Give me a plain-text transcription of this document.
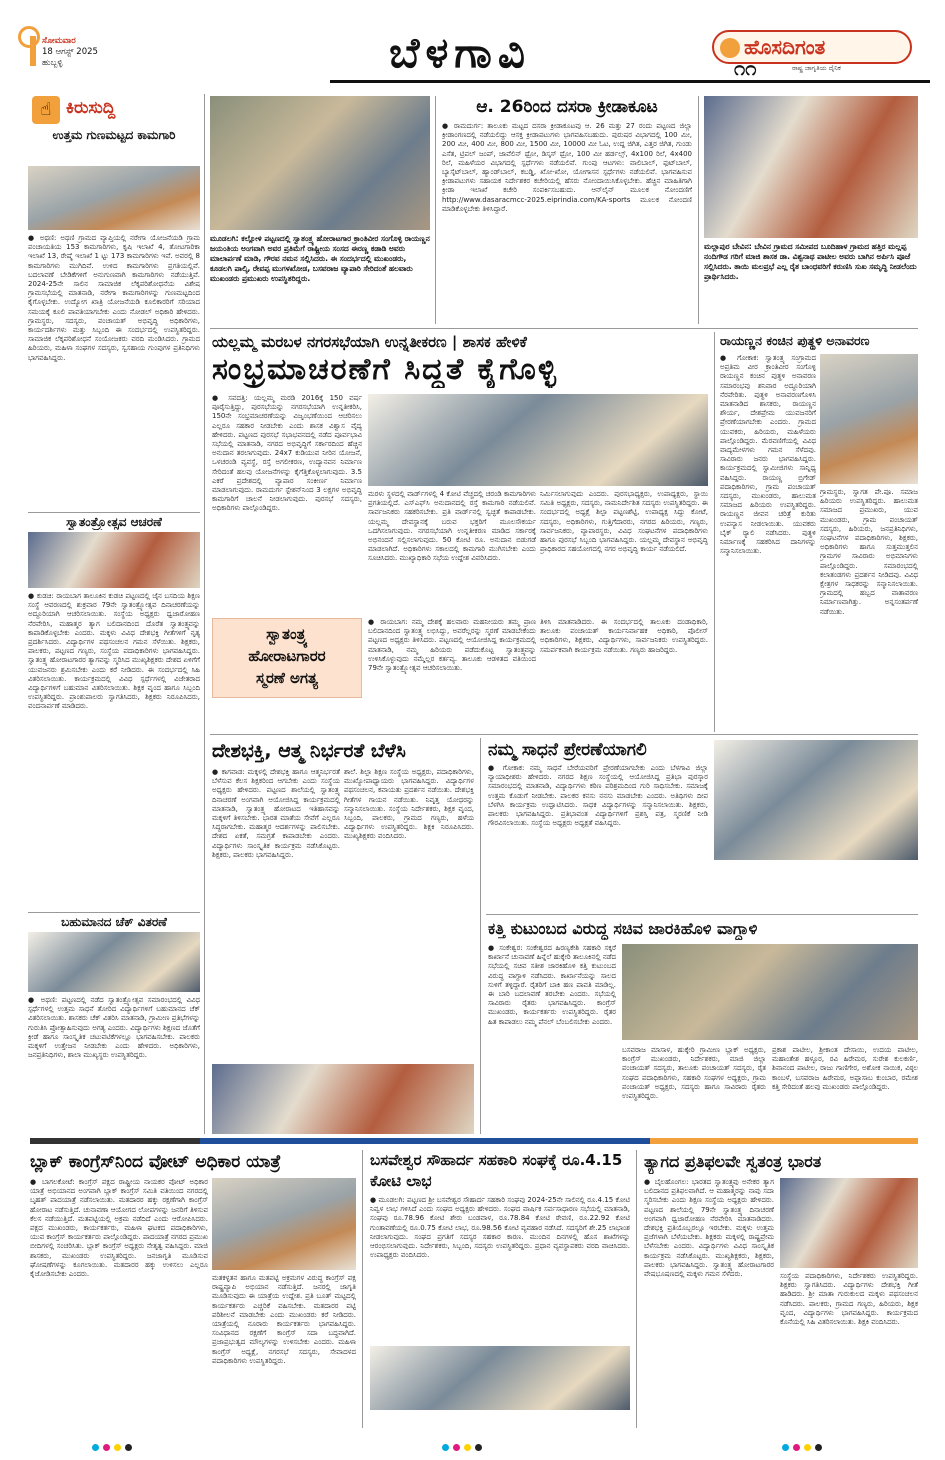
ಸೋಮವಾರ
18 ಆಗಸ್ಟ್ 2025
ಹುಬ್ಬಳ್ಳಿ	ಬೆಳಗಾವಿ	ಹೊಸದಿಗಂತ
ರಾಷ್ಟ್ರ ಜಾಗೃತಿಯ ದೈನಿಕ
೧೧
☝ ಕಿರುಸುದ್ದಿ
ಉತ್ತಮ ಗುಣಮಟ್ಟದ ಕಾಮಗಾರಿ
● ಅಥಣಿ: ಅಥಣಿ ಗ್ರಾಮದ ವ್ಯಾಪ್ತಿಯಲ್ಲಿ ನರೇಗಾ ಯೋಜನೆಯಡಿ ಗ್ರಾಮ ಪಂಚಾಯತಿಯ 153 ಕಾಮಗಾರಿಗಳು, ಕೃಷಿ ಇಲಾಖೆ 4, ತೋಟಗಾರಿಕಾ ಇಲಾಖೆ 13, ರೇಷ್ಮೆ ಇಲಾಖೆ 1 ಟ್ಟು 173 ಕಾಮಗಾರಿಗಳು ಇವೆ. ಅವರಲ್ಲಿ 8 ಕಾಮಗಾರಿಗಳು ಮುಗಿದಿವೆ. ಉಳಿದ ಕಾಮಗಾರಿಗಳು ಪ್ರಗತಿಯಲ್ಲಿವೆ. ಬದಲಾವಣೆ ಬೇಡಿಕೆಗಳಿಗೆ ಅನುಗುಣವಾಗಿ ಕಾಮಗಾರಿಗಳು ನಡೆಯುತ್ತಿವೆ. 2024-25ನೇ ಸಾಲಿನ ಸಾಮಾಜಿಕ ಲೆಕ್ಕಪರಿಶೋಧನೆಯ ವಿಶೇಷ ಗ್ರಾಮಸಭೆಯಲ್ಲಿ ಮಾತನಾಡಿ, ನರೇಗಾ ಕಾಮಗಾರಿಗಳನ್ನು ಗುಣಮಟ್ಟದಿಂದ ಕೈಗೊಳ್ಳಬೇಕು. ಉದ್ಯೋಗ ಖಾತ್ರಿ ಯೋಜನೆಯಡಿ ಕೂಲಿಕಾರರಿಗೆ ಸರಿಯಾದ ಸಮಯಕ್ಕೆ ಕೂಲಿ ಪಾವತಿಯಾಗಬೇಕು ಎಂದು ನೋಡಲ್ ಅಧಿಕಾರಿ ಹೇಳಿದರು. ಗ್ರಾಮಸ್ಥರು, ಸದಸ್ಯರು, ಪಂಚಾಯತ್ ಅಭಿವೃದ್ಧಿ ಅಧಿಕಾರಿಗಳು, ಕಾರ್ಯದರ್ಶಿಗಳು ಮತ್ತು ಸಿಬ್ಬಂದಿ ಈ ಸಂದರ್ಭದಲ್ಲಿ ಉಪಸ್ಥಿತರಿದ್ದರು. ಸಾಮಾಜಿಕ ಲೆಕ್ಕಪರಿಶೋಧನೆ ಸಂಯೋಜಕರು ವರದಿ ಮಂಡಿಸಿದರು. ಗ್ರಾಮದ ಹಿರಿಯರು, ಮಹಿಳಾ ಸಂಘಗಳ ಸದಸ್ಯರು, ಸ್ವಸಹಾಯ ಗುಂಪುಗಳ ಪ್ರತಿನಿಧಿಗಳು ಭಾಗವಹಿಸಿದ್ದರು.
ಸ್ವಾತಂತ್ರ್ಯೋತ್ಸವ ಆಚರಣೆ
● ಕುಡಚಿ: ರಾಯಬಾಗ ತಾಲೂಕಿನ ಕುಡಚಿ ಪಟ್ಟಣದಲ್ಲಿ ಜೈನ ಬಸದಿಯ ಶಿಕ್ಷಣ ಸಂಸ್ಥೆ ಆವರಣದಲ್ಲಿ ಶುಕ್ರವಾರ 79ನೇ ಸ್ವಾತಂತ್ರ್ಯೋತ್ಸವ ದಿನಾಚರಣೆಯನ್ನು ಅದ್ದೂರಿಯಾಗಿ ಆಚರಿಸಲಾಯಿತು. ಸಂಸ್ಥೆಯ ಅಧ್ಯಕ್ಷರು ಧ್ವಜಾರೋಹಣ ನೆರವೇರಿಸಿ, ಮಹಾತ್ಮರ ತ್ಯಾಗ ಬಲಿದಾನದಿಂದ ದೊರೆತ ಸ್ವಾತಂತ್ರ್ಯವನ್ನು ಕಾಪಾಡಿಕೊಳ್ಳಬೇಕು ಎಂದರು. ಮಕ್ಕಳು ವಿವಿಧ ದೇಶಭಕ್ತಿ ಗೀತೆಗಳಿಗೆ ನೃತ್ಯ ಪ್ರದರ್ಶಿಸಿದರು. ವಿದ್ಯಾರ್ಥಿಗಳ ಪಥಸಂಚಲನ ಗಮನ ಸೆಳೆಯಿತು. ಶಿಕ್ಷಕರು, ಪಾಲಕರು, ಪಟ್ಟಣದ ಗಣ್ಯರು, ಸಂಸ್ಥೆಯ ಪದಾಧಿಕಾರಿಗಳು ಭಾಗವಹಿಸಿದ್ದರು. ಸ್ವಾತಂತ್ರ್ಯ ಹೋರಾಟಗಾರರ ತ್ಯಾಗವನ್ನು ಸ್ಮರಿಸಿದ ಮುಖ್ಯಶಿಕ್ಷಕರು ದೇಶದ ಏಳಿಗೆಗೆ ಯುವಜನರು ಶ್ರಮಿಸಬೇಕು ಎಂದು ಕರೆ ನೀಡಿದರು. ಈ ಸಂದರ್ಭದಲ್ಲಿ ಸಿಹಿ ವಿತರಿಸಲಾಯಿತು. ಕಾರ್ಯಕ್ರಮದಲ್ಲಿ ವಿವಿಧ ಸ್ಪರ್ಧೆಗಳಲ್ಲಿ ವಿಜೇತರಾದ ವಿದ್ಯಾರ್ಥಿಗಳಿಗೆ ಬಹುಮಾನ ವಿತರಿಸಲಾಯಿತು. ಶಿಕ್ಷಕ ವೃಂದ ಹಾಗೂ ಸಿಬ್ಬಂದಿ ಉಪಸ್ಥಿತರಿದ್ದರು. ಪ್ರಾಂಶುಪಾಲರು ಸ್ವಾಗತಿಸಿದರು, ಶಿಕ್ಷಕರು ನಿರೂಪಿಸಿದರು, ವಂದನಾರ್ಪಣೆ ಮಾಡಿದರು.
ಬಹುಮಾನದ ಚೆಕ್ ವಿತರಣೆ
● ಅಥಣಿ: ಪಟ್ಟಣದಲ್ಲಿ ನಡೆದ ಸ್ವಾತಂತ್ರ್ಯೋತ್ಸವ ಸಮಾರಂಭದಲ್ಲಿ ವಿವಿಧ ಸ್ಪರ್ಧೆಗಳಲ್ಲಿ ಉತ್ತಮ ಸಾಧನೆ ತೋರಿದ ವಿದ್ಯಾರ್ಥಿಗಳಿಗೆ ಬಹುಮಾನದ ಚೆಕ್ ವಿತರಿಸಲಾಯಿತು. ಶಾಸಕರು ಚೆಕ್ ವಿತರಿಸಿ ಮಾತನಾಡಿ, ಗ್ರಾಮೀಣ ಪ್ರತಿಭೆಗಳನ್ನು ಗುರುತಿಸಿ ಪ್ರೋತ್ಸಾಹಿಸುವುದು ಅಗತ್ಯ ಎಂದರು. ವಿದ್ಯಾರ್ಥಿಗಳು ಶಿಕ್ಷಣದ ಜೊತೆಗೆ ಕ್ರೀಡೆ ಹಾಗೂ ಸಾಂಸ್ಕೃತಿಕ ಚಟುವಟಿಕೆಗಳಲ್ಲೂ ಭಾಗವಹಿಸಬೇಕು. ಪಾಲಕರು ಮಕ್ಕಳಿಗೆ ಉತ್ತೇಜನ ನೀಡಬೇಕು ಎಂದು ಹೇಳಿದರು. ಅಧಿಕಾರಿಗಳು, ಜನಪ್ರತಿನಿಧಿಗಳು, ಶಾಲಾ ಮುಖ್ಯಸ್ಥರು ಉಪಸ್ಥಿತರಿದ್ದರು.
ಮೂಡಲಗಿ: ಕಲ್ಲೋಳಿ ಪಟ್ಟಣದಲ್ಲಿ ಸ್ವಾತಂತ್ರ್ಯ ಹೋರಾಟಗಾರ ಕ್ರಾಂತಿವೀರ ಸಂಗೊಳ್ಳಿ ರಾಯಣ್ಣನ ಜಯಂತಿಯ ಅಂಗವಾಗಿ ಅವರ ಪ್ರತಿಮೆಗೆ ರಾಷ್ಟ್ರೀಯ ಸಂಸದ ಈರಣ್ಣ ಕಡಾಡಿ ಅವರು ಮಾಲಾರ್ಪಣೆ ಮಾಡಿ, ಗೌರವ ನಮನ ಸಲ್ಲಿಸಿದರು. ಈ ಸಂದರ್ಭದಲ್ಲಿ ಮುಖಂಡರು, ಕೂಡಲಗಿ ಪಾಲ್ಕಿ, ರೇವಪ್ಪ ಮುಗಳಖೋಡ, ಬಸವರಾಜ ವ್ಯಾಪಾರಿ ಸೇರಿದಂತೆ ಹಲವಾರು ಮುಖಂಡರು ಪ್ರಮುಖರು ಉಪಸ್ಥಿತರಿದ್ದರು.
ಆ. 26ರಿಂದ ದಸರಾ ಕ್ರೀಡಾಕೂಟ
● ರಾಮದುರ್ಗ: ತಾಲೂಕು ಮಟ್ಟದ ದಸರಾ ಕ್ರೀಡಾಕೂಟವು ಆ. 26 ಮತ್ತು 27 ರಂದು ಪಟ್ಟಣದ ಜಿಲ್ಲಾ ಕ್ರೀಡಾಂಗಣದಲ್ಲಿ ನಡೆಯಲಿದ್ದು ಆಸಕ್ತ ಕ್ರೀಡಾಪಟುಗಳು ಭಾಗವಹಿಸಬಹುದು. ಪುರುಷರ ವಿಭಾಗದಲ್ಲಿ 100 ಮೀ, 200 ಮೀ, 400 ಮೀ, 800 ಮೀ, 1500 ಮೀ, 10000 ಮೀ ಓಟ, ಉದ್ದ ಜಿಗಿತ, ಎತ್ತರ ಜಿಗಿತ, ಗುಂಡು ಎಸೆತ, ಟ್ರಿಪಲ್ ಜಂಪ್, ಜಾವೆಲಿನ್ ಥ್ರೋ, ಡಿಸ್ಕಸ್ ಥ್ರೋ, 100 ಮೀ ಹರ್ಡಲ್ಸ್, 4x100 ರಿಲೆ, 4x400 ರಿಲೆ, ಮಹಿಳೆಯರ ವಿಭಾಗದಲ್ಲಿ ಸ್ಪರ್ಧೆಗಳು ನಡೆಯಲಿವೆ. ಗುಂಪು ಆಟಗಳು: ವಾಲಿಬಾಲ್, ಫುಟ್‌ಬಾಲ್, ಬ್ಯಾಸ್ಕೆಟ್‌ಬಾಲ್, ಹ್ಯಾಂಡ್‌ಬಾಲ್, ಕಬಡ್ಡಿ, ಖೋ-ಖೋ, ಯೋಗಾಸನ ಸ್ಪರ್ಧೆಗಳು ನಡೆಯಲಿವೆ. ಭಾಗವಹಿಸುವ ಕ್ರೀಡಾಪಟುಗಳು ಸಹಾಯಕ ನಿರ್ದೇಶಕರ ಕಚೇರಿಯಲ್ಲಿ ಹೆಸರು ನೋಂದಾಯಿಸಿಕೊಳ್ಳಬೇಕು. ಹೆಚ್ಚಿನ ಮಾಹಿತಿಗಾಗಿ ಕ್ರೀಡಾ ಇಲಾಖೆ ಕಚೇರಿ ಸಂಪರ್ಕಿಸಬಹುದು. ಆನ್‌ಲೈನ್ ಮೂಲಕ ನೋಂದಣಿಗೆ http://www.dasaracmcc-2025.eiprindia.com/KA-sports ಮೂಲಕ ನೋಂದಣಿ ಮಾಡಿಕೊಳ್ಳಬೇಕು ತಿಳಿಸಿದ್ದಾರೆ.
ಮಲ್ಲಾಪುರ ಬೇವಿನ: ಬೇವಿನ ಗ್ರಾಮದ ಸಮೀಪದ ಬೂದಿಹಾಳ ಗ್ರಾಮದ ಹತ್ತಿರ ಮಲ್ಲಪ್ಪ ನಂದಿಗೌಡ ಗರಿಗೆ ಮಾಜಿ ಶಾಸಕ ಡಾ. ವಿಶ್ವನಾಥ ಪಾಟೀಲ ಅವರು ಬಾಗಿನ ಅರ್ಪಿಸಿ ಪೂಜೆ ಸಲ್ಲಿಸಿದರು. ತಾಯಿ ಮಲಪ್ರಭೆ ಎಲ್ಲ ರೈತ ಬಾಂಧವರಿಗೆ ಕರುಣಿಸಿ ಸುಖ ಸಮೃದ್ಧಿ ನೀಡಲೆಂದು ಪ್ರಾರ್ಥಿಸಿದರು.
ಯಲ್ಲಮ್ಮ ಮರಬಳ ನಗರಸಭೆಯಾಗಿ ಉನ್ನತೀಕರಣ | ಶಾಸಕ ಹೇಳಿಕೆ
ಸಂಭ್ರಮಾಚರಣೆಗೆ ಸಿದ್ಧತೆ ಕೈಗೊಳ್ಳಿ
● ಸವದತ್ತಿ: ಯಲ್ಲಮ್ಮ ಮರಡಿ 2016ಕ್ಕೆ 150 ವರ್ಷ ಪೂರೈಸುತ್ತಿದ್ದು, ಪುರಸಭೆಯನ್ನು ನಗರಸಭೆಯಾಗಿ ಉನ್ನತೀಕರಿಸಿ, 150ನೇ ಸಂಭ್ರಮಾಚರಣೆಯನ್ನು ವಿಜೃಂಭಣೆಯಿಂದ ಆಚರಿಸಲು ಎಲ್ಲರೂ ಸಹಕಾರ ನೀಡಬೇಕು ಎಂದು ಶಾಸಕ ವಿಶ್ವಾಸ ವೈದ್ಯ ಹೇಳಿದರು. ಪಟ್ಟಣದ ಪುರಸಭೆ ಸಭಾಭವನದಲ್ಲಿ ನಡೆದ ಪೂರ್ವಭಾವಿ ಸಭೆಯಲ್ಲಿ ಮಾತನಾಡಿ, ನಗರದ ಅಭಿವೃದ್ಧಿಗೆ ಸರ್ಕಾರದಿಂದ ಹೆಚ್ಚಿನ ಅನುದಾನ ತರಲಾಗುವುದು. 24x7 ಕುಡಿಯುವ ನೀರಿನ ಯೋಜನೆ, ಒಳಚರಂಡಿ ವ್ಯವಸ್ಥೆ, ರಸ್ತೆ ಅಗಲೀಕರಣ, ಉದ್ಯಾನವನ ನಿರ್ಮಾಣ ಸೇರಿದಂತೆ ಹಲವು ಯೋಜನೆಗಳನ್ನು ಕೈಗೆತ್ತಿಕೊಳ್ಳಲಾಗುವುದು. 3.5 ಎಕರೆ ಪ್ರದೇಶದಲ್ಲಿ ವ್ಯಾಪಾರ ಸಂಕೀರ್ಣ ನಿರ್ಮಾಣ ಮಾಡಲಾಗುವುದು. ರಾಮದುರ್ಗ ಸ್ಟೇಶನ್‌ನಿಂದ 3 ಲಕ್ಷಗಳ ಅಭಿವೃದ್ಧಿ ಕಾಮಗಾರಿಗೆ ಚಾಲನೆ ನೀಡಲಾಗುವುದು. ಪುರಸಭೆ ಸದಸ್ಯರು, ಅಧಿಕಾರಿಗಳು ಪಾಲ್ಗೊಂಡಿದ್ದರು.
ಮರಳು ಸ್ಥಳದಲ್ಲಿ ವಾರ್ಡ್‌ಗಳಲ್ಲಿ 4 ಕೋಟಿ ವೆಚ್ಚದಲ್ಲಿ ಚರಂಡಿ ಕಾಮಗಾರಿಗಳು ಪ್ರಗತಿಯಲ್ಲಿದೆ. ಎಸ್‌ಎಫ್‌ಸಿ ಅನುದಾನದಲ್ಲಿ ರಸ್ತೆ ಕಾಮಗಾರಿ ನಡೆಯಲಿವೆ. ಸಾರ್ವಜನಿಕರು ಸಹಕರಿಸಬೇಕು. ಪ್ರತಿ ವಾರ್ಡ್‌ನಲ್ಲಿ ಸ್ವಚ್ಛತೆ ಕಾಪಾಡಬೇಕು. ಯಲ್ಲಮ್ಮ ದೇವಸ್ಥಾನಕ್ಕೆ ಬರುವ ಭಕ್ತರಿಗೆ ಮೂಲಸೌಕರ್ಯ ಒದಗಿಸಲಾಗುವುದು. ನಗರಸಭೆಯಾಗಿ ಉನ್ನತೀಕರಣ ಮಾಡಿದ ಸರ್ಕಾರಕ್ಕೆ ಅಭಿನಂದನೆ ಸಲ್ಲಿಸಲಾಗುವುದು. 50 ಕೋಟಿ ರೂ. ಅನುದಾನ ಬಿಡುಗಡೆ ಮಾಡಲಾಗಿದೆ. ಅಧಿಕಾರಿಗಳು ಸಕಾಲದಲ್ಲಿ ಕಾಮಗಾರಿ ಮುಗಿಸಬೇಕು ಎಂದು ಸೂಚಿಸಿದರು. ಮುಖ್ಯಾಧಿಕಾರಿ ಸಭೆಯ ಉದ್ದೇಶ ವಿವರಿಸಿದರು.
ನಿರ್ಮಿಸಲಾಗುವುದು ಎಂದರು. ಪುರಸಭಾಧ್ಯಕ್ಷರು, ಉಪಾಧ್ಯಕ್ಷರು, ಸ್ಥಾಯಿ ಸಮಿತಿ ಅಧ್ಯಕ್ಷರು, ಸದಸ್ಯರು, ನಾಮನಿರ್ದೇಶಿತ ಸದಸ್ಯರು ಉಪಸ್ಥಿತರಿದ್ದರು. ಈ ಸಂದರ್ಭದಲ್ಲಿ ಅಧ್ಯಕ್ಷೆ ಶಿಲ್ಪಾ ಪಟ್ಟಣಶೆಟ್ಟಿ, ಉಪಾಧ್ಯಕ್ಷ ಸಿದ್ದು ಕೋಟೆ, ಸದಸ್ಯರು, ಅಧಿಕಾರಿಗಳು, ಗುತ್ತಿಗೆದಾರರು, ನಗರದ ಹಿರಿಯರು, ಗಣ್ಯರು, ಸಾರ್ವಜನಿಕರು, ವ್ಯಾಪಾರಸ್ಥರು, ವಿವಿಧ ಸಂಘಟನೆಗಳ ಪದಾಧಿಕಾರಿಗಳು ಹಾಗೂ ಪುರಸಭೆ ಸಿಬ್ಬಂದಿ ಭಾಗವಹಿಸಿದ್ದರು. ಯಲ್ಲಮ್ಮ ದೇವಸ್ಥಾನ ಅಭಿವೃದ್ಧಿ ಪ್ರಾಧಿಕಾರದ ಸಹಯೋಗದಲ್ಲಿ ನಗರ ಅಭಿವೃದ್ಧಿ ಕಾರ್ಯ ನಡೆಯಲಿದೆ.
ಸ್ವಾತಂತ್ರ್ಯ
ಹೋರಾಟಗಾರರ
ಸ್ಮರಣೆ ಅಗತ್ಯ
● ರಾಯಬಾಗ: ನಮ್ಮ ದೇಶಕ್ಕೆ ಹಲವಾರು ಮಹನೀಯರು ತಮ್ಮ ಪ್ರಾಣ ಬಲಿದಾನದಿಂದ ಸ್ವಾತಂತ್ರ್ಯ ಲಭಿಸಿದ್ದು, ಅವರೆಲ್ಲರನ್ನು ಸ್ಮರಣೆ ಮಾಡಬೇಕೆಂದು ಪಟ್ಟಣದ ಅಧ್ಯಕ್ಷರು ತಿಳಿಸಿದರು. ಪಟ್ಟಣದಲ್ಲಿ ಆಯೋಜಿಸಿದ್ದ ಕಾರ್ಯಕ್ರಮದಲ್ಲಿ ಮಾತನಾಡಿ, ನಮ್ಮ ಹಿರಿಯರು ಪಡೆದುಕೊಟ್ಟ ಸ್ವಾತಂತ್ರ್ಯವನ್ನು ಉಳಿಸಿಕೊಳ್ಳುವುದು ನಮ್ಮೆಲ್ಲರ ಕರ್ತವ್ಯ. ತಾಲೂಕು ಆಡಳಿತದ ವತಿಯಿಂದ 79ನೇ ಸ್ವಾತಂತ್ರ್ಯೋತ್ಸವ ಆಚರಿಸಲಾಯಿತು.
ತಿಳಿಸಿ ಮಾತನಾಡಿದರು. ಈ ಸಂದರ್ಭದಲ್ಲಿ ತಾಲೂಕು ದಂಡಾಧಿಕಾರಿ, ತಾಲೂಕು ಪಂಚಾಯತ್ ಕಾರ್ಯನಿರ್ವಾಹಕ ಅಧಿಕಾರಿ, ಪೊಲೀಸ್ ಅಧಿಕಾರಿಗಳು, ಶಿಕ್ಷಕರು, ವಿದ್ಯಾರ್ಥಿಗಳು, ಸಾರ್ವಜನಿಕರು ಉಪಸ್ಥಿತರಿದ್ದರು. ಸಮರ್ಪಕವಾಗಿ ಕಾರ್ಯಕ್ರಮ ನಡೆಯಿತು. ಗಣ್ಯರು ಹಾಜರಿದ್ದರು.
ರಾಯಣ್ಣನ ಕಂಚಿನ ಪುತ್ಥಳಿ ಅನಾವರಣ
● ಗೋಕಾಕ: ಸ್ವಾತಂತ್ರ್ಯ ಸಂಗ್ರಾಮದ ಅಪ್ರತಿಮ ವೀರ ಕ್ರಾಂತಿವೀರ ಸಂಗೊಳ್ಳಿ ರಾಯಣ್ಣನ ಕಂಚಿನ ಪುತ್ಥಳಿ ಅನಾವರಣ ಸಮಾರಂಭವು ಶನಿವಾರ ಅದ್ದೂರಿಯಾಗಿ ನೆರವೇರಿತು. ಪುತ್ಥಳಿ ಅನಾವರಣಗೊಳಿಸಿ ಮಾತನಾಡಿದ ಶಾಸಕರು, ರಾಯಣ್ಣನ ಶೌರ್ಯ, ದೇಶಪ್ರೇಮ ಯುವಜನರಿಗೆ ಪ್ರೇರಣೆಯಾಗಬೇಕು ಎಂದರು. ಗ್ರಾಮದ ಯುವಕರು, ಹಿರಿಯರು, ಮಹಿಳೆಯರು ಪಾಲ್ಗೊಂಡಿದ್ದರು. ಮೆರವಣಿಗೆಯಲ್ಲಿ ವಿವಿಧ ವಾದ್ಯಮೇಳಗಳು ಗಮನ ಸೆಳೆದವು. ಸಾವಿರಾರು ಜನರು ಭಾಗವಹಿಸಿದ್ದರು. ಕಾರ್ಯಕ್ರಮದಲ್ಲಿ ಸ್ವಾಮೀಜಿಗಳು ಸಾನ್ನಿಧ್ಯ ವಹಿಸಿದ್ದರು. ರಾಯಣ್ಣ ಬ್ರಿಗೇಡ್ ಪದಾಧಿಕಾರಿಗಳು, ಗ್ರಾಮ ಪಂಚಾಯತ್ ಸದಸ್ಯರು, ಮುಖಂಡರು, ಹಾಲುಮತ ಸಮಾಜದ ಹಿರಿಯರು ಉಪಸ್ಥಿತರಿದ್ದರು. ರಾಯಣ್ಣನ ಜೀವನ ಚರಿತ್ರೆ ಕುರಿತು ಉಪನ್ಯಾಸ ನೀಡಲಾಯಿತು. ಯುವಕರು ಬೈಕ್ ರ್‍ಯಾಲಿ ನಡೆಸಿದರು. ಪುತ್ಥಳಿ ನಿರ್ಮಾಣಕ್ಕೆ ಸಹಕರಿಸಿದ ದಾನಿಗಳನ್ನು ಸನ್ಮಾನಿಸಲಾಯಿತು.
ಗ್ರಾಮಸ್ಥರು, ಸ್ವಾಗತ ಪೇ.ಪೂ. ಸಮಾಜ ಹಿರಿಯರು ಉಪಸ್ಥಿತರಿದ್ದರು. ಹಾಲುಮತ ಸಮಾಜದ ಪ್ರಮುಖರು, ಯುವ ಮುಖಂಡರು, ಗ್ರಾಮ ಪಂಚಾಯತ್ ಸದಸ್ಯರು, ಹಿರಿಯರು, ಜನಪ್ರತಿನಿಧಿಗಳು, ಸಂಘಟನೆಗಳ ಪದಾಧಿಕಾರಿಗಳು, ಶಿಕ್ಷಕರು, ಅಧಿಕಾರಿಗಳು ಹಾಗೂ ಸುತ್ತಮುತ್ತಲಿನ ಗ್ರಾಮಗಳ ಸಾವಿರಾರು ಅಭಿಮಾನಿಗಳು ಪಾಲ್ಗೊಂಡಿದ್ದರು. ಸಮಾರಂಭದಲ್ಲಿ ಕಲಾತಂಡಗಳು ಪ್ರದರ್ಶನ ನೀಡಿದವು. ವಿವಿಧ ಕ್ಷೇತ್ರಗಳ ಸಾಧಕರನ್ನು ಸನ್ಮಾನಿಸಲಾಯಿತು. ಗ್ರಾಮದಲ್ಲಿ ಹಬ್ಬದ ವಾತಾವರಣ ನಿರ್ಮಾಣವಾಗಿತ್ತು. ಅನ್ನಸಂತರ್ಪಣೆ ನಡೆಯಿತು.
ದೇಶಭಕ್ತಿ, ಆತ್ಮ ನಿರ್ಭರತೆ ಬೆಳೆಸಿ
● ಕಾಗವಾಡ: ಮಕ್ಕಳಲ್ಲಿ ದೇಶಭಕ್ತಿ ಹಾಗೂ ಆತ್ಮನಿರ್ಭರತೆ ಬೆಳೆಸುವ ಕೆಲಸ ಶಿಕ್ಷಕರಿಂದ ಆಗಬೇಕು ಎಂದು ಸಂಸ್ಥೆಯ ಅಧ್ಯಕ್ಷರು ಹೇಳಿದರು. ಪಟ್ಟಣದ ಶಾಲೆಯಲ್ಲಿ ಸ್ವಾತಂತ್ರ್ಯ ದಿನಾಚರಣೆ ಅಂಗವಾಗಿ ಆಯೋಜಿಸಿದ್ದ ಕಾರ್ಯಕ್ರಮದಲ್ಲಿ ಮಾತನಾಡಿ, ಸ್ವಾತಂತ್ರ್ಯ ಹೋರಾಟದ ಇತಿಹಾಸವನ್ನು ಮಕ್ಕಳಿಗೆ ತಿಳಿಸಬೇಕು. ಭಾರತ ಮಾತೆಯ ಸೇವೆಗೆ ಎಲ್ಲರೂ ಸಿದ್ಧರಾಗಬೇಕು. ಮಹಾತ್ಮರ ಆದರ್ಶಗಳನ್ನು ಪಾಲಿಸಬೇಕು. ದೇಶದ ಏಕತೆ, ಸಮಗ್ರತೆ ಕಾಪಾಡಬೇಕು ಎಂದರು. ವಿದ್ಯಾರ್ಥಿಗಳು ಸಾಂಸ್ಕೃತಿಕ ಕಾರ್ಯಕ್ರಮ ನಡೆಸಿಕೊಟ್ಟರು. ಶಿಕ್ಷಕರು, ಪಾಲಕರು ಭಾಗವಹಿಸಿದ್ದರು.
ಶಾಲೆ. ಶಿಲ್ಪಾ ಶಿಕ್ಷಣ ಸಂಸ್ಥೆಯ ಅಧ್ಯಕ್ಷರು, ಪದಾಧಿಕಾರಿಗಳು, ಮುಖ್ಯೋಪಾಧ್ಯಾಯರು ಭಾಗವಹಿಸಿದ್ದರು. ವಿದ್ಯಾರ್ಥಿಗಳ ಪಥಸಂಚಲನ, ಕವಾಯತು ಪ್ರದರ್ಶನ ನಡೆಯಿತು. ದೇಶಭಕ್ತಿ ಗೀತೆಗಳ ಗಾಯನ ನಡೆಯಿತು. ನಿವೃತ್ತ ಯೋಧರನ್ನು ಸನ್ಮಾನಿಸಲಾಯಿತು. ಸಂಸ್ಥೆಯ ನಿರ್ದೇಶಕರು, ಶಿಕ್ಷಕ ವೃಂದ, ಸಿಬ್ಬಂದಿ, ಪಾಲಕರು, ಗ್ರಾಮದ ಗಣ್ಯರು, ಹಳೆಯ ವಿದ್ಯಾರ್ಥಿಗಳು ಉಪಸ್ಥಿತರಿದ್ದರು. ಶಿಕ್ಷಕಿ ನಿರೂಪಿಸಿದರು. ಮುಖ್ಯಶಿಕ್ಷಕರು ವಂದಿಸಿದರು.
ನಮ್ಮ ಸಾಧನೆ ಪ್ರೇರಣೆಯಾಗಲಿ
● ಗೋಕಾಕ: ನಮ್ಮ ಸಾಧನೆ ಬೇರೆಯವರಿಗೆ ಪ್ರೇರಣೆಯಾಗಬೇಕು ಎಂದು ಬೆಳಗಾವಿ ಜಿಲ್ಲಾ ನ್ಯಾಯಾಧೀಶರು ಹೇಳಿದರು. ನಗರದ ಶಿಕ್ಷಣ ಸಂಸ್ಥೆಯಲ್ಲಿ ಆಯೋಜಿಸಿದ್ದ ಪ್ರತಿಭಾ ಪುರಸ್ಕಾರ ಸಮಾರಂಭದಲ್ಲಿ ಮಾತನಾಡಿ, ವಿದ್ಯಾರ್ಥಿಗಳು ಕಠಿಣ ಪರಿಶ್ರಮದಿಂದ ಗುರಿ ಸಾಧಿಸಬೇಕು. ಸಮಾಜಕ್ಕೆ ಉತ್ತಮ ಕೊಡುಗೆ ನೀಡಬೇಕು. ಪಾಲಕರ ಕನಸು ನನಸು ಮಾಡಬೇಕು ಎಂದರು. ಅತಿಥಿಗಳು ದೀಪ ಬೆಳಗಿಸಿ ಕಾರ್ಯಕ್ರಮ ಉದ್ಘಾಟಿಸಿದರು. ಸಾಧಕ ವಿದ್ಯಾರ್ಥಿಗಳನ್ನು ಸನ್ಮಾನಿಸಲಾಯಿತು. ಶಿಕ್ಷಕರು, ಪಾಲಕರು ಭಾಗವಹಿಸಿದ್ದರು. ಪ್ರತಿಭಾವಂತ ವಿದ್ಯಾರ್ಥಿಗಳಿಗೆ ಪ್ರಶಸ್ತಿ ಪತ್ರ, ಸ್ಮರಣಿಕೆ ನೀಡಿ ಗೌರವಿಸಲಾಯಿತು. ಸಂಸ್ಥೆಯ ಅಧ್ಯಕ್ಷರು ಅಧ್ಯಕ್ಷತೆ ವಹಿಸಿದ್ದರು.
ಕತ್ತಿ ಕುಟುಂಬದ ವಿರುದ್ಧ ಸಚಿವ ಜಾರಕಿಹೊಳಿ ವಾಗ್ದಾಳಿ
● ಸಂಕೇಶ್ವರ: ಸಂಕೇಶ್ವರದ ಹಿರಣ್ಯಕೇಶಿ ಸಹಕಾರಿ ಸಕ್ಕರೆ ಕಾರ್ಖಾನೆ ಚುನಾವಣೆ ಹಿನ್ನೆಲೆ ಹುಕ್ಕೇರಿ ತಾಲೂಕಿನಲ್ಲಿ ನಡೆದ ಸಭೆಯಲ್ಲಿ ಸಚಿವ ಸತೀಶ ಜಾರಕಿಹೊಳಿ ಕತ್ತಿ ಕುಟುಂಬದ ವಿರುದ್ಧ ವಾಗ್ದಾಳಿ ನಡೆಸಿದರು. ಕಾರ್ಖಾನೆಯನ್ನು ಸಾಲದ ಸುಳಿಗೆ ತಳ್ಳಿದ್ದಾರೆ. ರೈತರಿಗೆ ಬಾಕಿ ಹಣ ಪಾವತಿ ಮಾಡಿಲ್ಲ. ಈ ಬಾರಿ ಬದಲಾವಣೆ ತರಬೇಕು ಎಂದರು. ಸಭೆಯಲ್ಲಿ ಸಾವಿರಾರು ರೈತರು ಭಾಗವಹಿಸಿದ್ದರು. ಕಾಂಗ್ರೆಸ್ ಮುಖಂಡರು, ಕಾರ್ಯಕರ್ತರು ಉಪಸ್ಥಿತರಿದ್ದರು. ರೈತರ ಹಿತ ಕಾಪಾಡಲು ನಮ್ಮ ಪೆನಲ್ ಬೆಂಬಲಿಸಬೇಕು ಎಂದರು.
ಬಸವರಾಜ ಮಾಸಾಳ, ಹುಕ್ಕೇರಿ ಗ್ರಾಮೀಣ ಬ್ಲಾಕ್ ಅಧ್ಯಕ್ಷರು, ಕಾಂಗ್ರೆಸ್ ಮುಖಂಡರು, ನಿರ್ದೇಶಕರು, ಮಾಜಿ ಜಿಲ್ಲಾ ಪಂಚಾಯತ್ ಸದಸ್ಯರು, ತಾಲೂಕು ಪಂಚಾಯತ್ ಸದಸ್ಯರು, ರೈತ ಸಂಘದ ಪದಾಧಿಕಾರಿಗಳು, ಸಹಕಾರಿ ಸಂಘಗಳ ಅಧ್ಯಕ್ಷರು, ಗ್ರಾಮ ಪಂಚಾಯತ್ ಅಧ್ಯಕ್ಷರು, ಸದಸ್ಯರು ಹಾಗೂ ಸಾವಿರಾರು ರೈತರು ಉಪಸ್ಥಿತರಿದ್ದರು.
ಪ್ರಕಾಶ ಪಾಟೀಲ, ಶ್ರೀಕಾಂತ ದೇಸಾಯಿ, ಉದಯ ಪಾಟೀಲ, ಮಹಾಂತೇಶ ಹಳ್ಳೂರ, ರವಿ ಹಿರೇಮಠ, ಸುರೇಶ ಕುಲಕರ್ಣಿ, ಶಿವಾನಂದ ಪಾಟೀಲ, ರಾಜು ಗಾಣಿಗೇರ, ಅಶೋಕ ನಾಯಿಕ, ವಿಠ್ಠಲ ಕಾಂಬಳೆ, ಬಸವರಾಜ ಹಿರೇಮಠ, ಅಪ್ಪಾಸಾಬ ಕುಂಬಾರ, ರಮೇಶ ಕತ್ತಿ ಸೇರಿದಂತೆ ಹಲವು ಮುಖಂಡರು ಪಾಲ್ಗೊಂಡಿದ್ದರು.
ಬ್ಲಾಕ್ ಕಾಂಗ್ರೆಸ್‌ನಿಂದ ವೋಟ್ ಅಧಿಕಾರ ಯಾತ್ರೆ
● ಬಾಗಲಕೋಟೆ: ಕಾಂಗ್ರೆಸ್ ಪಕ್ಷದ ರಾಷ್ಟ್ರೀಯ ನಾಯಕರ ವೋಟ್ ಅಧಿಕಾರ ಯಾತ್ರೆ ಅಭಿಯಾನದ ಅಂಗವಾಗಿ ಬ್ಲಾಕ್ ಕಾಂಗ್ರೆಸ್ ಸಮಿತಿ ವತಿಯಿಂದ ನಗರದಲ್ಲಿ ಬೃಹತ್ ಪಾದಯಾತ್ರೆ ನಡೆಸಲಾಯಿತು. ಮತದಾರರ ಹಕ್ಕು ರಕ್ಷಣೆಗಾಗಿ ಕಾಂಗ್ರೆಸ್ ಹೋರಾಟ ನಡೆಸುತ್ತಿದೆ. ಚುನಾವಣಾ ಆಯೋಗದ ಲೋಪಗಳನ್ನು ಜನರಿಗೆ ತಿಳಿಸುವ ಕೆಲಸ ನಡೆಯುತ್ತಿದೆ. ಮತಪಟ್ಟಿಯಲ್ಲಿ ಅಕ್ರಮ ನಡೆದಿದೆ ಎಂದು ಆರೋಪಿಸಿದರು. ಪಕ್ಷದ ಮುಖಂಡರು, ಕಾರ್ಯಕರ್ತರು, ಮಹಿಳಾ ಘಟಕದ ಪದಾಧಿಕಾರಿಗಳು, ಯುವ ಕಾಂಗ್ರೆಸ್ ಕಾರ್ಯಕರ್ತರು ಪಾಲ್ಗೊಂಡಿದ್ದರು. ಪಾದಯಾತ್ರೆ ನಗರದ ಪ್ರಮುಖ ಬೀದಿಗಳಲ್ಲಿ ಸಂಚರಿಸಿತು. ಬ್ಲಾಕ್ ಕಾಂಗ್ರೆಸ್ ಅಧ್ಯಕ್ಷರು ನೇತೃತ್ವ ವಹಿಸಿದ್ದರು. ಮಾಜಿ ಶಾಸಕರು, ಮುಖಂಡರು ಉಪಸ್ಥಿತರಿದ್ದರು. ಜನಜಾಗೃತಿ ಮೂಡಿಸುವ ಘೋಷಣೆಗಳನ್ನು ಕೂಗಲಾಯಿತು. ಮತದಾರರ ಹಕ್ಕು ಉಳಿಸಲು ಎಲ್ಲರೂ ಕೈಜೋಡಿಸಬೇಕು ಎಂದರು.	ಮತಕಳ್ಳತನ ಹಾಗೂ ಮತಪಟ್ಟಿ ಅಕ್ರಮಗಳ ವಿರುದ್ಧ ಕಾಂಗ್ರೆಸ್ ಪಕ್ಷ ರಾಷ್ಟ್ರವ್ಯಾಪಿ ಅಭಿಯಾನ ನಡೆಸುತ್ತಿದೆ. ಜನರಲ್ಲಿ ಜಾಗೃತಿ ಮೂಡಿಸುವುದು ಈ ಯಾತ್ರೆಯ ಉದ್ದೇಶ. ಪ್ರತಿ ಬೂತ್ ಮಟ್ಟದಲ್ಲಿ ಕಾರ್ಯಕರ್ತರು ಎಚ್ಚರಿಕೆ ವಹಿಸಬೇಕು. ಮತದಾರರ ಪಟ್ಟಿ ಪರಿಶೀಲನೆ ಮಾಡಬೇಕು ಎಂದು ಮುಖಂಡರು ಕರೆ ನೀಡಿದರು. ಯಾತ್ರೆಯಲ್ಲಿ ನೂರಾರು ಕಾರ್ಯಕರ್ತರು ಭಾಗವಹಿಸಿದ್ದರು. ಸಂವಿಧಾನದ ರಕ್ಷಣೆಗೆ ಕಾಂಗ್ರೆಸ್ ಸದಾ ಬದ್ಧವಾಗಿದೆ. ಪ್ರಜಾಪ್ರಭುತ್ವದ ಮೌಲ್ಯಗಳನ್ನು ಉಳಿಸಬೇಕು ಎಂದರು. ಮಹಿಳಾ ಕಾಂಗ್ರೆಸ್ ಅಧ್ಯಕ್ಷೆ, ನಗರಸಭೆ ಸದಸ್ಯರು, ಸೇವಾದಳದ ಪದಾಧಿಕಾರಿಗಳು ಉಪಸ್ಥಿತರಿದ್ದರು.
ಬಸವೇಶ್ವರ ಸೌಹಾರ್ದ ಸಹಕಾರಿ ಸಂಘಕ್ಕೆ ರೂ.4.15 ಕೋಟಿ ಲಾಭ
● ಮೂಡಲಗಿ: ಪಟ್ಟಣದ ಶ್ರೀ ಬಸವೇಶ್ವರ ಸೌಹಾರ್ದ ಸಹಕಾರಿ ಸಂಘವು 2024-25ನೇ ಸಾಲಿನಲ್ಲಿ ರೂ.4.15 ಕೋಟಿ ನಿವ್ವಳ ಲಾಭ ಗಳಿಸಿದೆ ಎಂದು ಸಂಘದ ಅಧ್ಯಕ್ಷರು ಹೇಳಿದರು. ಸಂಘದ ವಾರ್ಷಿಕ ಸರ್ವಸಾಧಾರಣ ಸಭೆಯಲ್ಲಿ ಮಾತನಾಡಿ, ಸಂಘವು ರೂ.78.96 ಕೋಟಿ ಶೇರು ಬಂಡವಾಳ, ರೂ.78.84 ಕೋಟಿ ಠೇವಣಿ, ರೂ.22.92 ಕೋಟಿ ಗುಂತಾವಣೆಯಲ್ಲಿ ರೂ.0.75 ಕೋಟಿ ಲಾಭ, ರೂ.98.56 ಕೋಟಿ ವ್ಯವಹಾರ ನಡೆಸಿದೆ. ಸದಸ್ಯರಿಗೆ ಶೇ.25 ಲಾಭಾಂಶ ನೀಡಲಾಗುವುದು. ಸಂಘದ ಪ್ರಗತಿಗೆ ಸದಸ್ಯರ ಸಹಕಾರ ಕಾರಣ. ಮುಂದಿನ ದಿನಗಳಲ್ಲಿ ಹೊಸ ಶಾಖೆಗಳನ್ನು ಆರಂಭಿಸಲಾಗುವುದು. ನಿರ್ದೇಶಕರು, ಸಿಬ್ಬಂದಿ, ಸದಸ್ಯರು ಉಪಸ್ಥಿತರಿದ್ದರು. ಪ್ರಧಾನ ವ್ಯವಸ್ಥಾಪಕರು ವರದಿ ವಾಚಿಸಿದರು. ಉಪಾಧ್ಯಕ್ಷರು ವಂದಿಸಿದರು.
ತ್ಯಾಗದ ಪ್ರತಿಫಲವೇ ಸ್ವತಂತ್ರ ಭಾರತ
● ಬೈಲಹೊಂಗಲ: ಭಾರತದ ಸ್ವಾತಂತ್ರ್ಯವು ಅನೇಕರ ತ್ಯಾಗ ಬಲಿದಾನದ ಪ್ರತಿಫಲವಾಗಿದೆ. ಆ ಮಹಾತ್ಮರನ್ನು ನಾವು ಸದಾ ಸ್ಮರಿಸಬೇಕು ಎಂದು ಶಿಕ್ಷಣ ಸಂಸ್ಥೆಯ ಅಧ್ಯಕ್ಷರು ಹೇಳಿದರು. ಪಟ್ಟಣದ ಶಾಲೆಯಲ್ಲಿ 79ನೇ ಸ್ವಾತಂತ್ರ್ಯ ದಿನಾಚರಣೆ ಅಂಗವಾಗಿ ಧ್ವಜಾರೋಹಣ ನೆರವೇರಿಸಿ ಮಾತನಾಡಿದರು. ದೇಶಭಕ್ತಿ ಪ್ರತಿಯೊಬ್ಬರಲ್ಲೂ ಇರಬೇಕು. ಮಕ್ಕಳು ಉತ್ತಮ ಪ್ರಜೆಗಳಾಗಿ ಬೆಳೆಯಬೇಕು. ಶಿಕ್ಷಕರು ಮಕ್ಕಳಲ್ಲಿ ರಾಷ್ಟ್ರಪ್ರೇಮ ಬೆಳೆಸಬೇಕು ಎಂದರು. ವಿದ್ಯಾರ್ಥಿಗಳು ವಿವಿಧ ಸಾಂಸ್ಕೃತಿಕ ಕಾರ್ಯಕ್ರಮ ನಡೆಸಿಕೊಟ್ಟರು. ಮುಖ್ಯಶಿಕ್ಷಕರು, ಶಿಕ್ಷಕರು, ಪಾಲಕರು ಭಾಗವಹಿಸಿದ್ದರು. ಸ್ವಾತಂತ್ರ್ಯ ಹೋರಾಟಗಾರರ ವೇಷಭೂಷಣದಲ್ಲಿ ಮಕ್ಕಳು ಗಮನ ಸೆಳೆದರು.	ಸಂಸ್ಥೆಯ ಪದಾಧಿಕಾರಿಗಳು, ನಿರ್ದೇಶಕರು ಉಪಸ್ಥಿತರಿದ್ದರು. ಶಿಕ್ಷಕರು ಸ್ವಾಗತಿಸಿದರು. ವಿದ್ಯಾರ್ಥಿಗಳು ದೇಶಭಕ್ತಿ ಗೀತೆ ಹಾಡಿದರು. ಶ್ರೀ ಮಾತಾ ಗುರುಕುಲದ ಮಕ್ಕಳು ಪಥಸಂಚಲನ ನಡೆಸಿದರು. ಪಾಲಕರು, ಗ್ರಾಮದ ಗಣ್ಯರು, ಹಿರಿಯರು, ಶಿಕ್ಷಕ ವೃಂದ, ವಿದ್ಯಾರ್ಥಿಗಳು ಭಾಗವಹಿಸಿದ್ದರು. ಕಾರ್ಯಕ್ರಮದ ಕೊನೆಯಲ್ಲಿ ಸಿಹಿ ವಿತರಿಸಲಾಯಿತು. ಶಿಕ್ಷಕಿ ವಂದಿಸಿದರು.
